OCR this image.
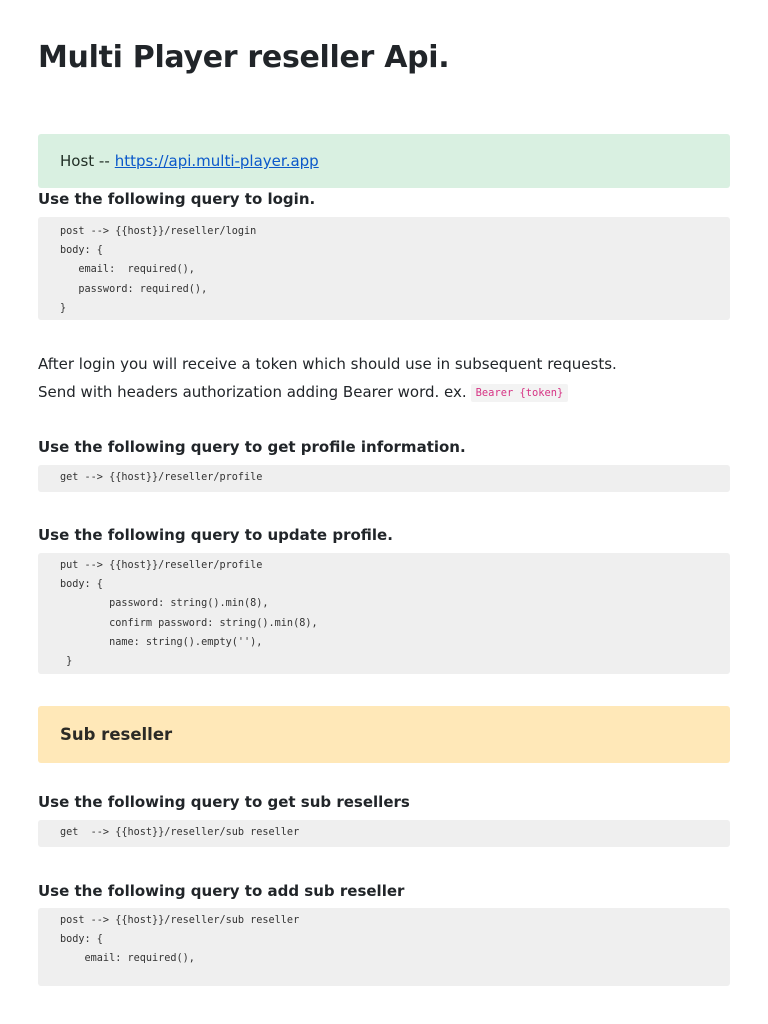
Multi Player reseller Api.
Host -- https://api.multi-player.app
Use the following query to login.
post --> {{host}}/reseller/login
body: {
email:  required(),
password: required(),
}
After login you will receive a token which should use in subsequent requests.
Send with headers authorization adding Bearer word. ex. Bearer {token}
Use the following query to get profile information.
get --> {{host}}/reseller/profile
Use the following query to update profile.
put --> {{host}}/reseller/profile
body: {
password: string().min(8),
confirm password: string().min(8),
name: string().empty(''),
}
Sub reseller
Use the following query to get sub resellers
get  --> {{host}}/reseller/sub reseller
Use the following query to add sub reseller
post --> {{host}}/reseller/sub reseller
body: {
email: required(),
